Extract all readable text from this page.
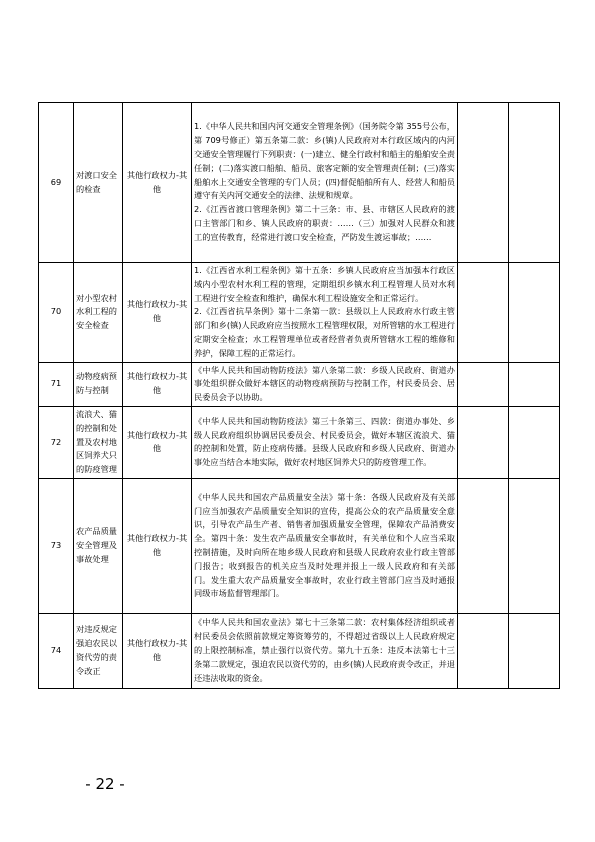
69	对渡口安全的检查	其他行政权力-其他	1.《中华人民共和国内河交通安全管理条例》（国务院令第 355号公布，第 709号修正）第五条第二款：乡(镇)人民政府对本行政区域内的内河交通安全管理履行下列职责：(一)建立、健全行政村和船主的船舶安全责任制；(二)落实渡口船舶、船员、旅客定额的安全管理责任制；(三)落实船舶水上交通安全管理的专门人员；(四)督促船舶所有人、经营人和船员遵守有关内河交通安全的法律、法规和规章。

2.《江西省渡口管理条例》第二十三条：市、县、市辖区人民政府的渡口主管部门和乡、镇人民政府的职责：……（三）加强对人民群众和渡工的宣传教育，经常进行渡口安全检查，严防发生渡运事故；……		

70	对小型农村水利工程的安全检查	其他行政权力-其他	1.《江西省水利工程条例》第十五条：乡镇人民政府应当加强本行政区域内小型农村水利工程的管理，定期组织乡镇水利工程管理人员对水利工程进行安全检查和维护，确保水利工程设施安全和正常运行。

2.《江西省抗旱条例》第十二条第一款：县级以上人民政府水行政主管部门和乡(镇)人民政府应当按照水工程管理权限，对所管辖的水工程进行定期安全检查；水工程管理单位或者经营者负责所管辖水工程的维修和养护，保障工程的正常运行。		

71	动物疫病预防与控制	其他行政权力-其他	《中华人民共和国动物防疫法》第八条第二款：乡级人民政府、街道办事处组织群众做好本辖区的动物疫病预防与控制工作，村民委员会、居民委员会予以协助。		

72	流浪犬、猫的控制和处置及农村地区饲养犬只的防疫管理	其他行政权力-其他	《中华人民共和国动物防疫法》第三十条第三、四款：街道办事处、乡级人民政府组织协调居民委员会、村民委员会，做好本辖区流浪犬、猫的控制和处置，防止疫病传播。县级人民政府和乡级人民政府、街道办事处应当结合本地实际，做好农村地区饲养犬只的防疫管理工作。		

73	农产品质量安全管理及事故处理	其他行政权力-其他	《中华人民共和国农产品质量安全法》第十条：各级人民政府及有关部门应当加强农产品质量安全知识的宣传，提高公众的农产品质量安全意识，引导农产品生产者、销售者加强质量安全管理，保障农产品消费安全。第四十条：发生农产品质量安全事故时，有关单位和个人应当采取控制措施，及时向所在地乡级人民政府和县级人民政府农业行政主管部门报告；收到报告的机关应当及时处理并报上一级人民政府和有关部门。发生重大农产品质量安全事故时，农业行政主管部门应当及时通报同级市场监督管理部门。		

74	对违反规定强迫农民以资代劳的责令改正	其他行政权力-其他	《中华人民共和国农业法》第七十三条第二款：农村集体经济组织或者村民委员会依照前款规定筹资筹劳的，不得超过省级以上人民政府规定的上限控制标准，禁止强行以资代劳。第九十五条：违反本法第七十三条第二款规定，强迫农民以资代劳的，由乡(镇)人民政府责令改正，并退还违法收取的资金。		

- 22 -
